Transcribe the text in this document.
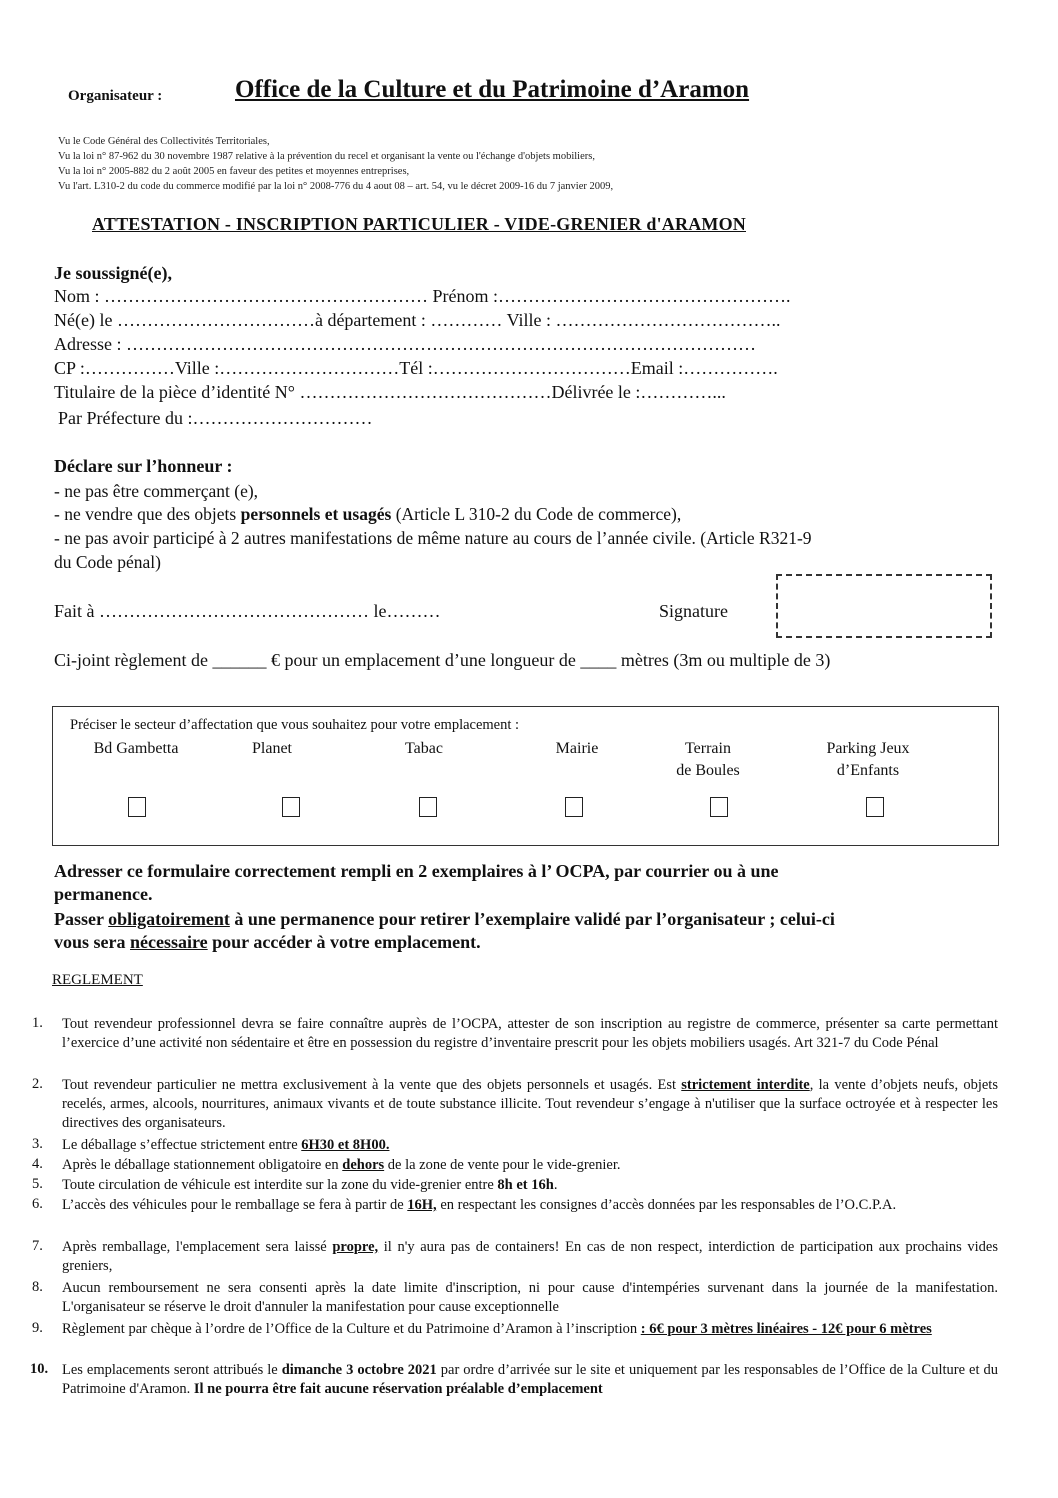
Organisateur :	Office de la Culture et du Patrimoine d’Aramon
Vu le Code Général des Collectivités Territoriales,
Vu la loi n° 87-962 du 30 novembre 1987 relative à la prévention du recel et organisant la vente ou l'échange d'objets mobiliers,
Vu la loi n° 2005-882 du 2 août 2005 en faveur des petites et moyennes entreprises,
Vu l'art. L310-2 du code du commerce modifié par la loi n° 2008-776 du 4 aout 08 – art. 54, vu le décret 2009-16 du 7 janvier 2009,
ATTESTATION - INSCRIPTION PARTICULIER - VIDE-GRENIER d'ARAMON
Je soussigné(e),
Nom : ……………………………………………… Prénom :………………………………………….
Né(e) le ……………………………à département : ………… Ville : ………………………………..
Adresse : ……………………………………………………………………………………………
CP :……………Ville :…………………………Tél :……………………………Email :…………….
Titulaire de la pièce d’identité N° ……………………………………Délivrée le :…………...
Par Préfecture du :…………………………
Déclare sur l’honneur :
- ne pas être commerçant (e),
- ne vendre que des objets personnels et usagés (Article L 310-2 du Code de commerce),
- ne pas avoir participé à 2 autres manifestations de même nature au cours de l’année civile. (Article R321-9
du Code pénal)
Fait à ……………………………………… le………	Signature
Ci-joint règlement de ______ € pour un emplacement d’une longueur de ____ mètres (3m ou multiple de 3)
Préciser le secteur d’affectation que vous souhaitez pour votre emplacement :
Bd Gambetta	Planet	Tabac	Mairie	Terrain
de Boules
Parking Jeux
d’Enfants
Adresser ce formulaire correctement rempli en 2 exemplaires à l’ OCPA, par courrier ou à une
permanence.
Passer obligatoirement à une permanence pour retirer l’exemplaire validé par l’organisateur ; celui-ci
vous sera nécessaire pour accéder à votre emplacement.
REGLEMENT
1. Tout revendeur professionnel devra se faire connaître auprès de l’OCPA, attester de son inscription au registre de commerce, présenter sa carte permettant l’exercice d’une activité non sédentaire et être en possession du registre d’inventaire prescrit pour les objets mobiliers usagés. Art 321-7 du Code Pénal
2. Tout revendeur particulier ne mettra exclusivement à la vente que des objets personnels et usagés. Est strictement interdite, la vente d’objets neufs, objets recelés, armes, alcools, nourritures, animaux vivants et de toute substance illicite. Tout revendeur s’engage à n'utiliser que la surface octroyée et à respecter les directives des organisateurs.
3. Le déballage s’effectue strictement entre 6H30 et 8H00.
4. Après le déballage stationnement obligatoire en dehors de la zone de vente pour le vide-grenier.
5. Toute circulation de véhicule est interdite sur la zone du vide-grenier entre 8h et 16h.
6. L’accès des véhicules pour le remballage se fera à partir de 16H, en respectant les consignes d’accès données par les responsables de l’O.C.P.A.
7. Après remballage, l'emplacement sera laissé propre, il n'y aura pas de containers! En cas de non respect, interdiction de participation aux prochains vides greniers,
8. Aucun remboursement ne sera consenti après la date limite d'inscription, ni pour cause d'intempéries survenant dans la journée de la manifestation. L'organisateur se réserve le droit d'annuler la manifestation pour cause exceptionnelle
9. Règlement par chèque à l’ordre de l’Office de la Culture et du Patrimoine d’Aramon à l’inscription : 6€ pour 3 mètres linéaires - 12€ pour 6 mètres
10. Les emplacements seront attribués le dimanche 3 octobre 2021 par ordre d’arrivée sur le site et uniquement par les responsables de l’Office de la Culture et du Patrimoine d'Aramon. Il ne pourra être fait aucune réservation préalable d’emplacement
